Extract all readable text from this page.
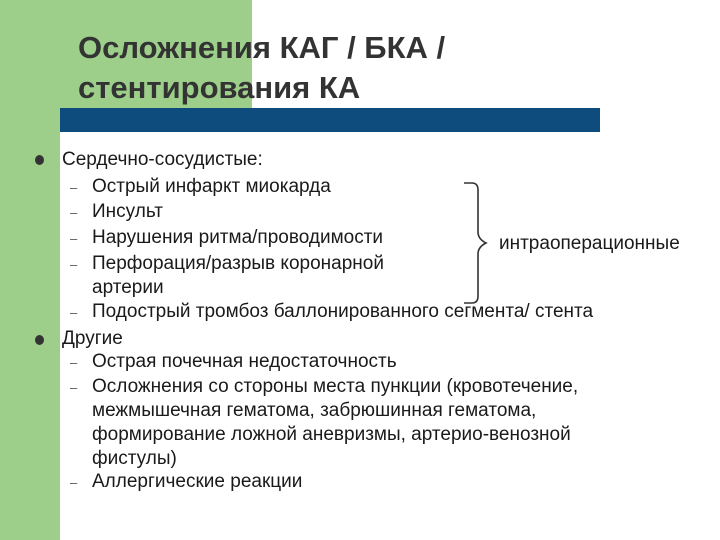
Осложнения КАГ / БКА /
стентирования КА
Сердечно-сосудистые:
– Острый инфаркт миокарда
– Инсульт
– Нарушения ритма/проводимости
– Перфорация/разрыв коронарной
артерии
– Подострый тромбоз баллонированного сегмента/ стента
интраоперационные
Другие
– Острая почечная недостаточность
– Осложнения со стороны места пункции (кровотечение,
межмышечная гематома, забрюшинная гематома,
формирование ложной аневризмы, артерио-венозной
фистулы)
– Аллергические реакции
